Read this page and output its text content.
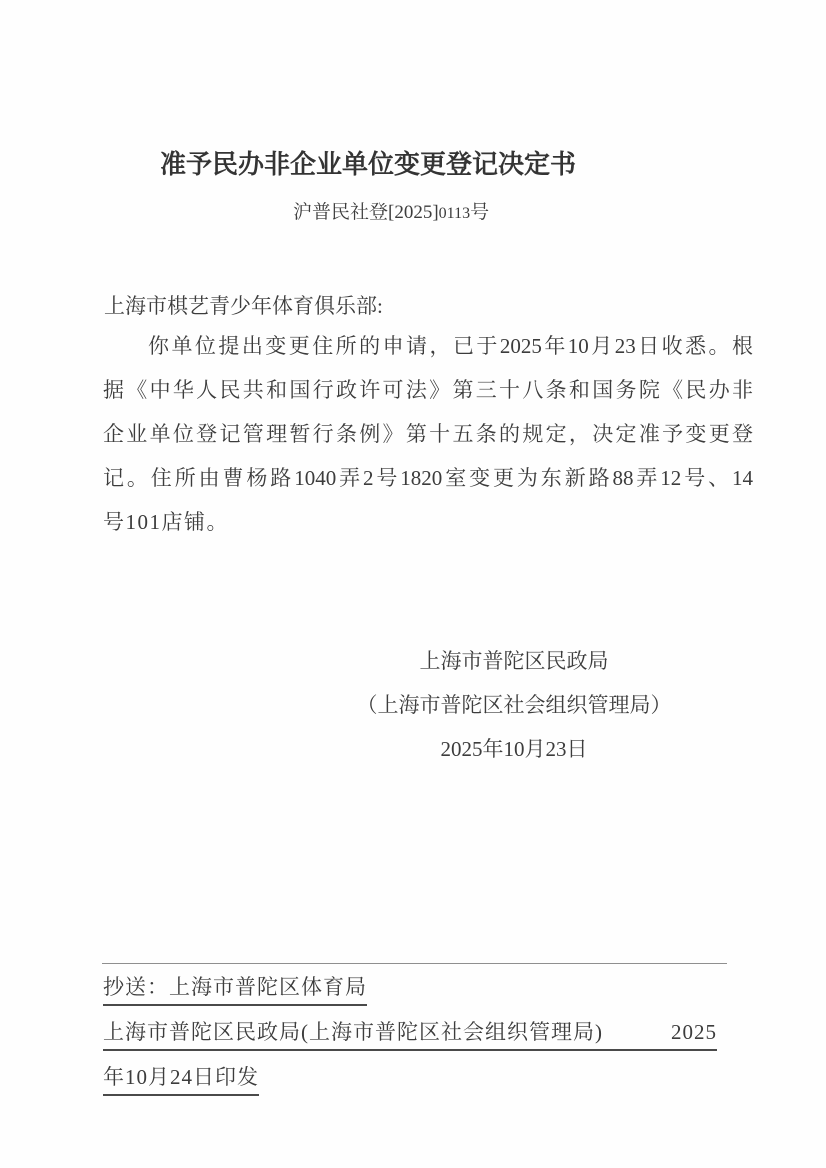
准予民办非企业单位变更登记决定书
沪普民社登[2025]0113号
上海市棋艺青少年体育俱乐部:
你单位提出变更住所的申请，已于2025年10月23日收悉。根
据《中华人民共和国行政许可法》第三十八条和国务院《民办非
企业单位登记管理暂行条例》第十五条的规定，决定准予变更登
记。住所由曹杨路1040弄2号1820室变更为东新路88弄12号、14
号101店铺。
上海市普陀区民政局
（上海市普陀区社会组织管理局）
2025年10月23日
抄送：上海市普陀区体育局
上海市普陀区民政局(上海市普陀区社会组织管理局)	2025
年10月24日印发
